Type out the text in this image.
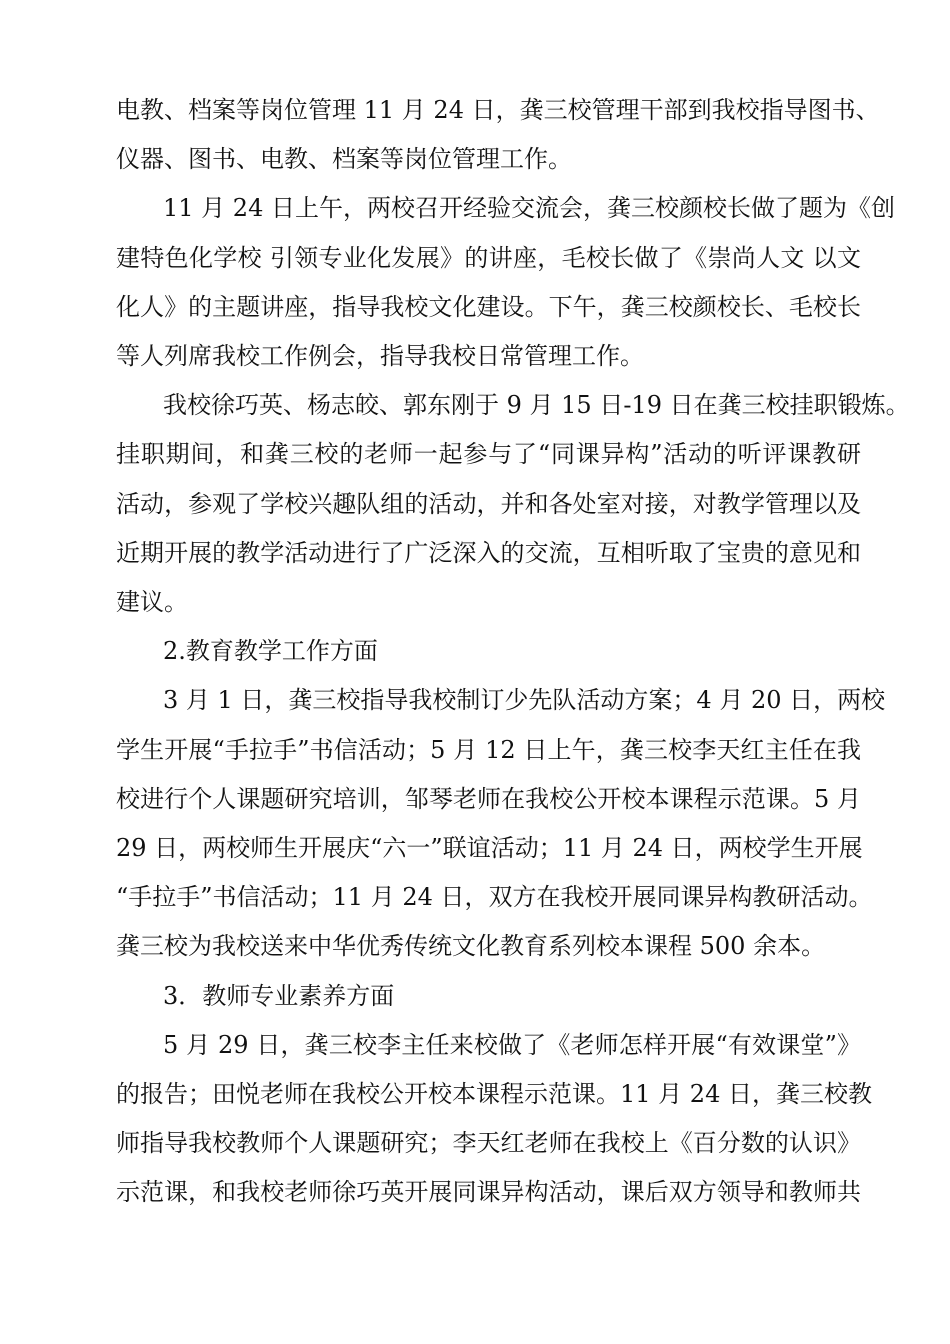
电教、档案等岗位管理 11 月 24 日，龚三校管理干部到我校指导图书、
仪器、图书、电教、档案等岗位管理工作。
11 月 24 日上午，两校召开经验交流会，龚三校颜校长做了题为《创
建特色化学校 引领专业化发展》的讲座，毛校长做了《崇尚人文 以文
化人》的主题讲座，指导我校文化建设。下午，龚三校颜校长、毛校长
等人列席我校工作例会，指导我校日常管理工作。
我校徐巧英、杨志皎、郭东刚于 9 月 15 日-19 日在龚三校挂职锻炼。
挂职期间，和龚三校的老师一起参与了“同课异构”活动的听评课教研
活动，参观了学校兴趣队组的活动，并和各处室对接，对教学管理以及
近期开展的教学活动进行了广泛深入的交流，互相听取了宝贵的意见和
建议。
2.教育教学工作方面
3 月 1 日，龚三校指导我校制订少先队活动方案；4 月 20 日，两校
学生开展“手拉手”书信活动；5 月 12 日上午，龚三校李天红主任在我
校进行个人课题研究培训，邹琴老师在我校公开校本课程示范课。5 月
29 日，两校师生开展庆“六一”联谊活动；11 月 24 日，两校学生开展
“手拉手”书信活动；11 月 24 日，双方在我校开展同课异构教研活动。
龚三校为我校送来中华优秀传统文化教育系列校本课程 500 余本。
3．教师专业素养方面
5 月 29 日，龚三校李主任来校做了《老师怎样开展“有效课堂”》
的报告；田悦老师在我校公开校本课程示范课。11 月 24 日，龚三校教
师指导我校教师个人课题研究；李天红老师在我校上《百分数的认识》
示范课，和我校老师徐巧英开展同课异构活动，课后双方领导和教师共
